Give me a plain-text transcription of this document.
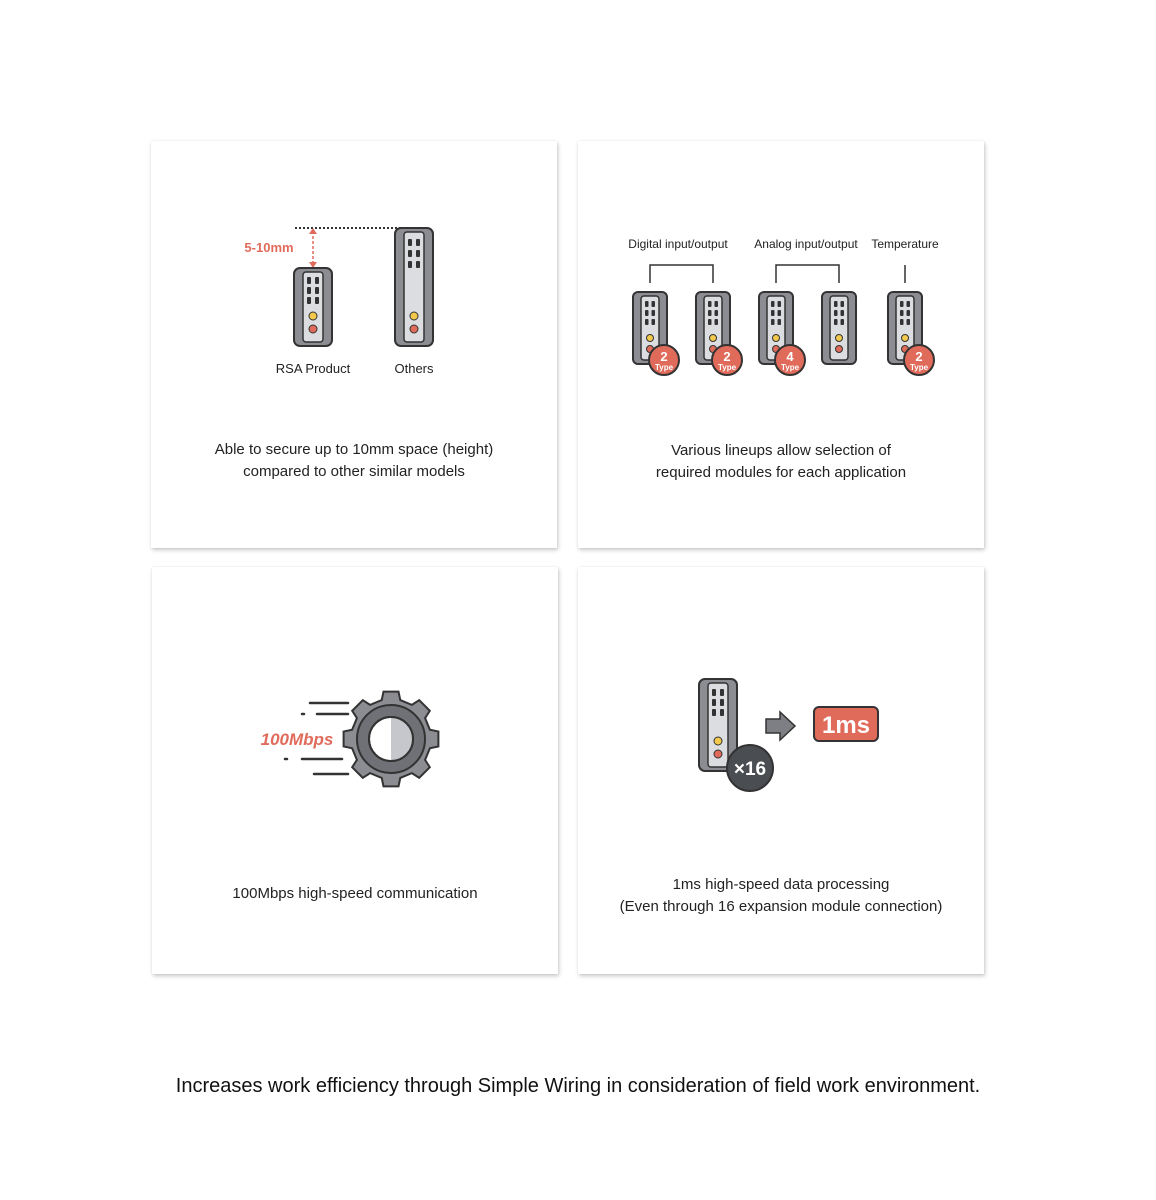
5-10mm
RSA Product	Others
Able to secure up to 10mm space (height)
compared to other similar models
Digital input/output Analog input/output Temperature
2
Type
2
Type
4
Type
2
Type
Various lineups allow selection of
required modules for each application
100Mbps
100Mbps high-speed communication
×16
1ms
1ms high-speed data processing
(Even through 16 expansion module connection)
Increases work efficiency through Simple Wiring in consideration of field work environment.
